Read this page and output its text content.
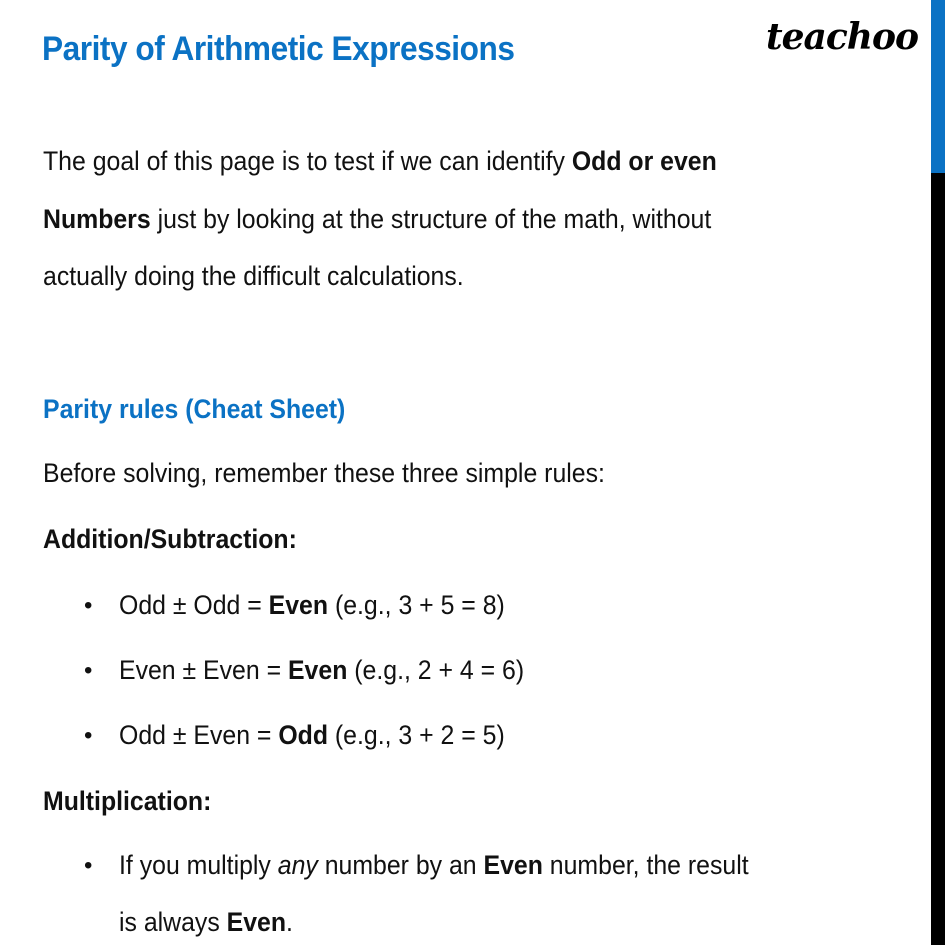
Parity of Arithmetic Expressions	teachoo
The goal of this page is to test if we can identify Odd or even
Numbers just by looking at the structure of the math, without
actually doing the difficult calculations.
Parity rules (Cheat Sheet)
Before solving, remember these three simple rules:
Addition/Subtraction:
• Odd ± Odd = Even (e.g., 3 + 5 = 8)
• Even ± Even = Even (e.g., 2 + 4 = 6)
• Odd ± Even = Odd (e.g., 3 + 2 = 5)
Multiplication:
• If you multiply any number by an Even number, the result
is always Even.
